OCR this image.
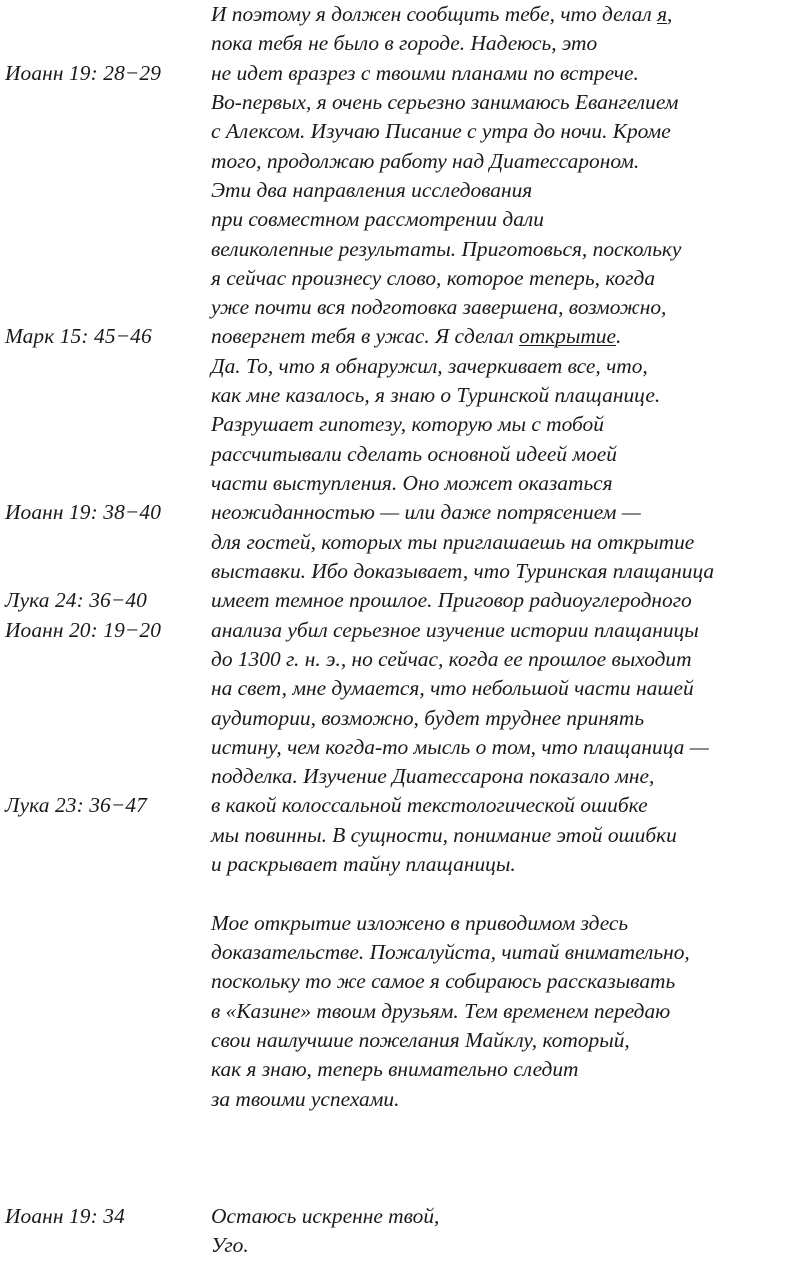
Иоанн 19: 28−29
Марк 15: 45−46
Иоанн 19: 38−40
Лука 24: 36−40
Иоанн 20: 19−20
Лука 23: 36−47
Иоанн 19: 34
И поэтому я должен сообщить тебе, что делал я,
пока тебя не было в городе. Надеюсь, это
не идет вразрез с твоими планами по встрече.
Во-первых, я очень серьезно занимаюсь Евангелием
с Алексом. Изучаю Писание с утра до ночи. Кроме
того, продолжаю работу над Диатессароном.
Эти два направления исследования
при совместном рассмотрении дали
великолепные результаты. Приготовься, поскольку
я сейчас произнесу слово, которое теперь, когда
уже почти вся подготовка завершена, возможно,
повергнет тебя в ужас. Я сделал открытие.
Да. То, что я обнаружил, зачеркивает все, что,
как мне казалось, я знаю о Туринской плащанице.
Разрушает гипотезу, которую мы с тобой
рассчитывали сделать основной идеей моей
части выступления. Оно может оказаться
неожиданностью — или даже потрясением —
для гостей, которых ты приглашаешь на открытие
выставки. Ибо доказывает, что Туринская плащаница
имеет темное прошлое. Приговор радиоуглеродного
анализа убил серьезное изучение истории плащаницы
до 1300 г. н. э., но сейчас, когда ее прошлое выходит
на свет, мне думается, что небольшой части нашей
аудитории, возможно, будет труднее принять
истину, чем когда-то мысль о том, что плащаница —
подделка. Изучение Диатессарона показало мне,
в какой колоссальной текстологической ошибке
мы повинны. В сущности, понимание этой ошибки
и раскрывает тайну плащаницы.
Мое открытие изложено в приводимом здесь
доказательстве. Пожалуйста, читай внимательно,
поскольку то же самое я собираюсь рассказывать
в «Казине» твоим друзьям. Тем временем передаю
свои наилучшие пожелания Майклу, который,
как я знаю, теперь внимательно следит
за твоими успехами.
Остаюсь искренне твой,
Уго.
